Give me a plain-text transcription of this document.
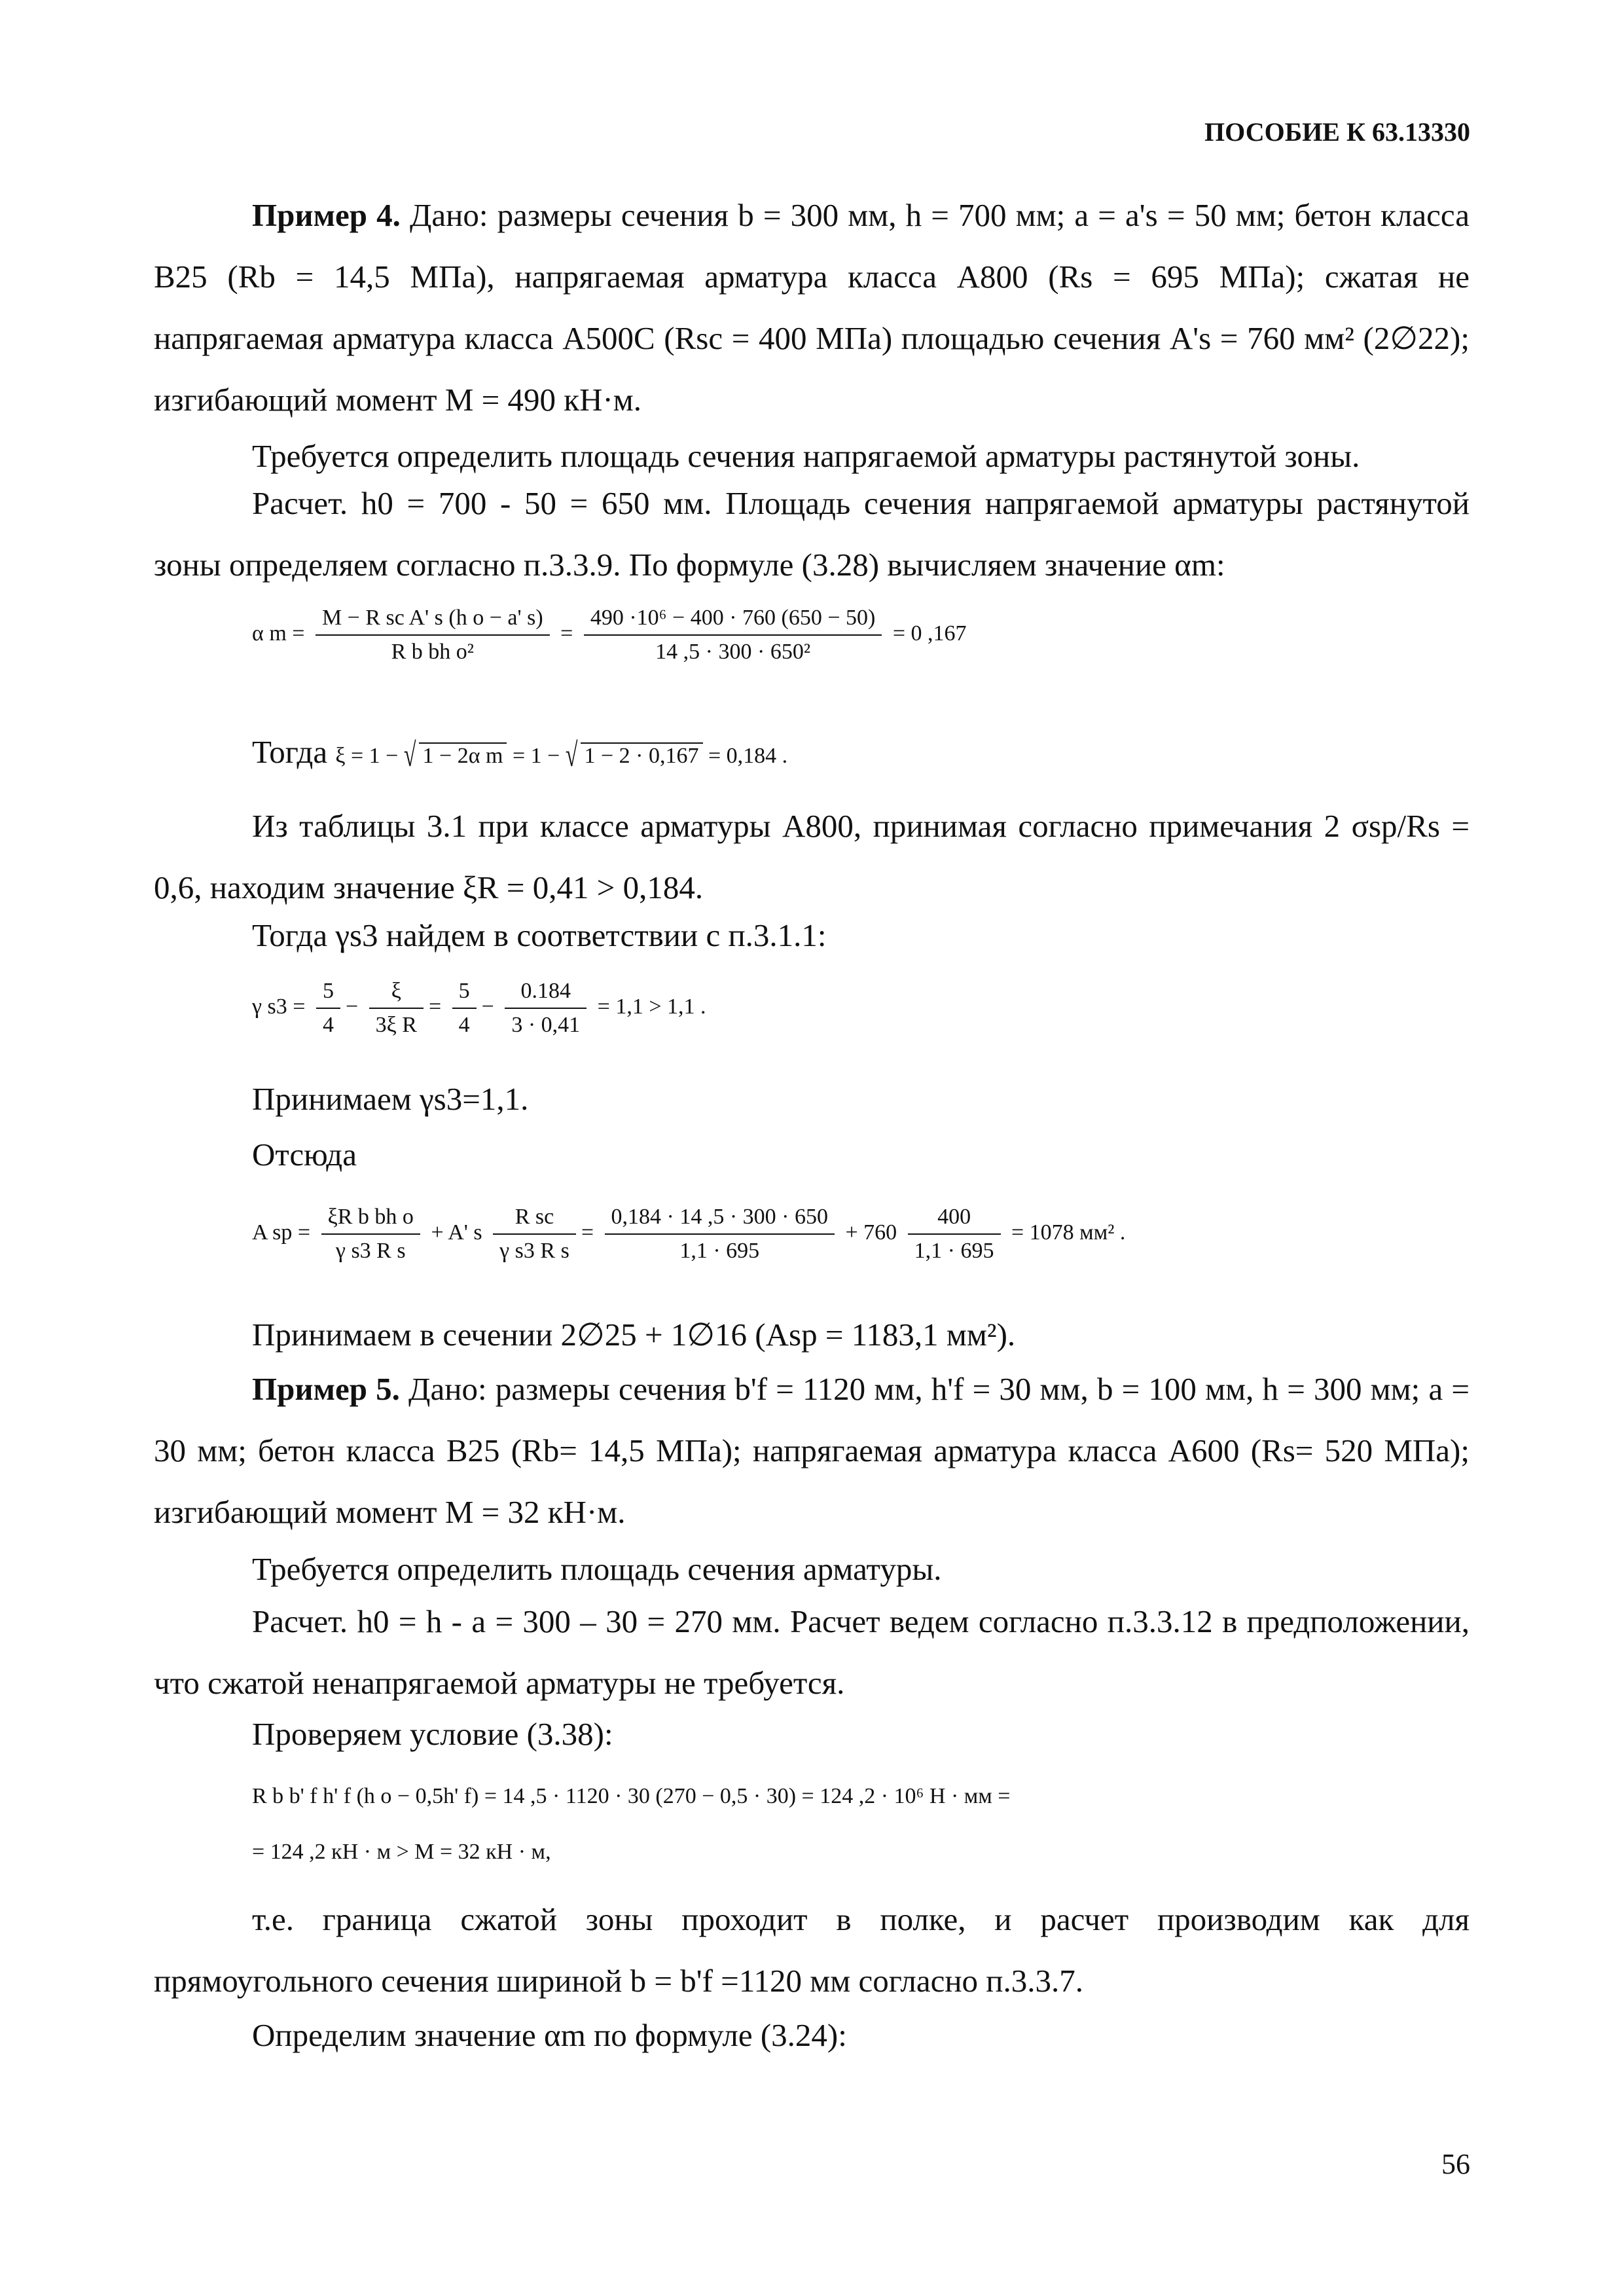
ПОСОБИЕ К 63.13330
Пример 4. Дано: размеры сечения b = 300 мм, h = 700 мм; a = a's = 50 мм; бетон класса В25 (Rb = 14,5 МПа), напрягаемая арматура класса А800 (Rs = 695 МПа); сжатая не напрягаемая арматура класса А500С (Rsc = 400 МПа) площадью сечения A's = 760 мм² (2∅22); изгибающий момент M = 490 кН·м.
Требуется определить площадь сечения напрягаемой арматуры растянутой зоны.
Расчет. h0 = 700 - 50 = 650 мм. Площадь сечения напрягаемой арматуры растянутой зоны определяем согласно п.3.3.9. По формуле (3.28) вычисляем значение αm:
α $m = \frac{\text{M − R sc A' s (h o − a' s)}}{\text{R b bh o²}} = \frac{\text{490 ·10⁶ − 400 · 760 (650 − 50)}}{\text{14 ,5 · 300 · 650²}} = 0$ ,167
Тогда ξ = 1 − √ 1 − 2α m = 1 − √ 1 − 2 · 0,167 = 0,184 .
Из таблицы 3.1 при классе арматуры А800, принимая согласно примечания 2 σsp/Rs = 0,6, находим значение ξR = 0,41 > 0,184.
Тогда γs3 найдем в соответствии с п.3.1.1:
γ $s3 = \frac{5}{4} - \frac{\xi}{\text{3ξ R}} = \frac{5}{4} - \frac{0.184}{3 \cdot 0,41} = 1,1 > 1,1$ .
Принимаем γs3=1,1.
Отсюда
A sp = $\frac{\text{ξR b bh o}}{\text{γ s3 R s}} + A'$ s $\frac{\text{R sc}}{\text{γ s3 R s}} = \frac{0,184 \cdot 14 ,5 \cdot 300 \cdot 650}{1,1 \cdot 695} + 760 \frac{400}{1,1 \cdot 695} = 1078$ мм² .
Принимаем в сечении 2∅25 + 1∅16 (Asp = 1183,1 мм²).
Пример 5. Дано: размеры сечения b'f = 1120 мм, h'f = 30 мм, b = 100 мм, h = 300 мм; a = 30 мм; бетон класса В25 (Rb= 14,5 МПа); напрягаемая арматура класса А600 (Rs= 520 МПа); изгибающий момент M = 32 кН·м.
Требуется определить площадь сечения арматуры.
Расчет. h0 = h - a = 300 – 30 = 270 мм. Расчет ведем согласно п.3.3.12 в предположении, что сжатой ненапрягаемой арматуры не требуется.
Проверяем условие (3.38):
R b b' f h' f (h o − 0,5h' f) = 14 ,5 · 1120 · 30 (270 − 0,5 · 30) = 124 ,2 · 10⁶ Н · мм =
= 124 ,2 кН · м > M = 32 кН · м,
т.е. граница сжатой зоны проходит в полке, и расчет производим как для прямоугольного сечения шириной b = b'f =1120 мм согласно п.3.3.7.
Определим значение αm по формуле (3.24):
56
